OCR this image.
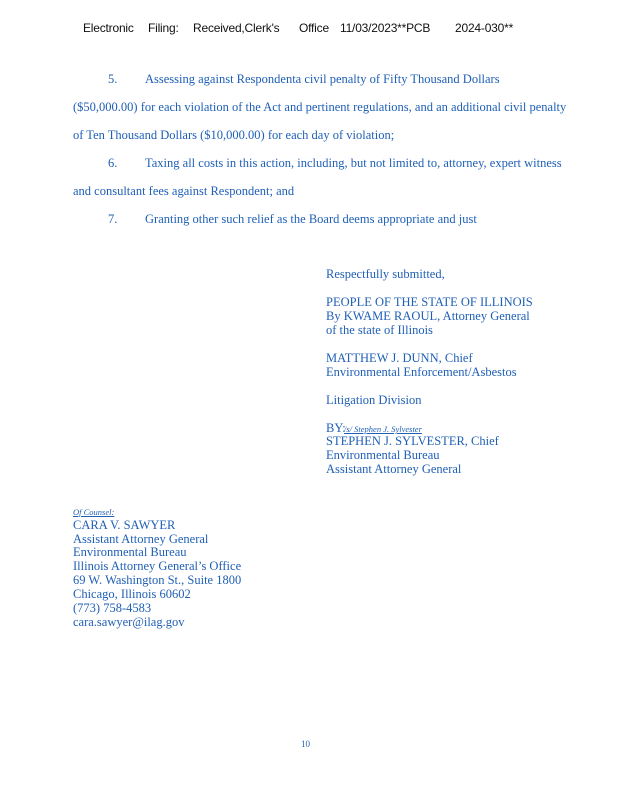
Electronic Filing: Received,Clerk's Office 11/03/2023**PCB 2024-030**
5. Assessing against Respondenta civil penalty of Fifty Thousand Dollars
($50,000.00) for each violation of the Act and pertinent regulations, and an additional civil penalty
of Ten Thousand Dollars ($10,000.00) for each day of violation;
6. Taxing all costs in this action, including, but not limited to, attorney, expert witness
and consultant fees against Respondent; and
7. Granting other such relief as the Board deems appropriate and just
Respectfully submitted,
PEOPLE OF THE STATE OF ILLINOIS
By KWAME RAOUL, Attorney General
of the state of Illinois
MATTHEW J. DUNN, Chief
Environmental Enforcement/Asbestos
Litigation Division
BY:
/s/ Stephen J. Sylvester
STEPHEN J. SYLVESTER, Chief
Environmental Bureau
Assistant Attorney General
Of Counsel:
CARA V. SAWYER
Assistant Attorney General
Environmental Bureau
Illinois Attorney General’s Office
69 W. Washington St., Suite 1800
Chicago, Illinois 60602
(773) 758-4583
cara.sawyer@ilag.gov
10
